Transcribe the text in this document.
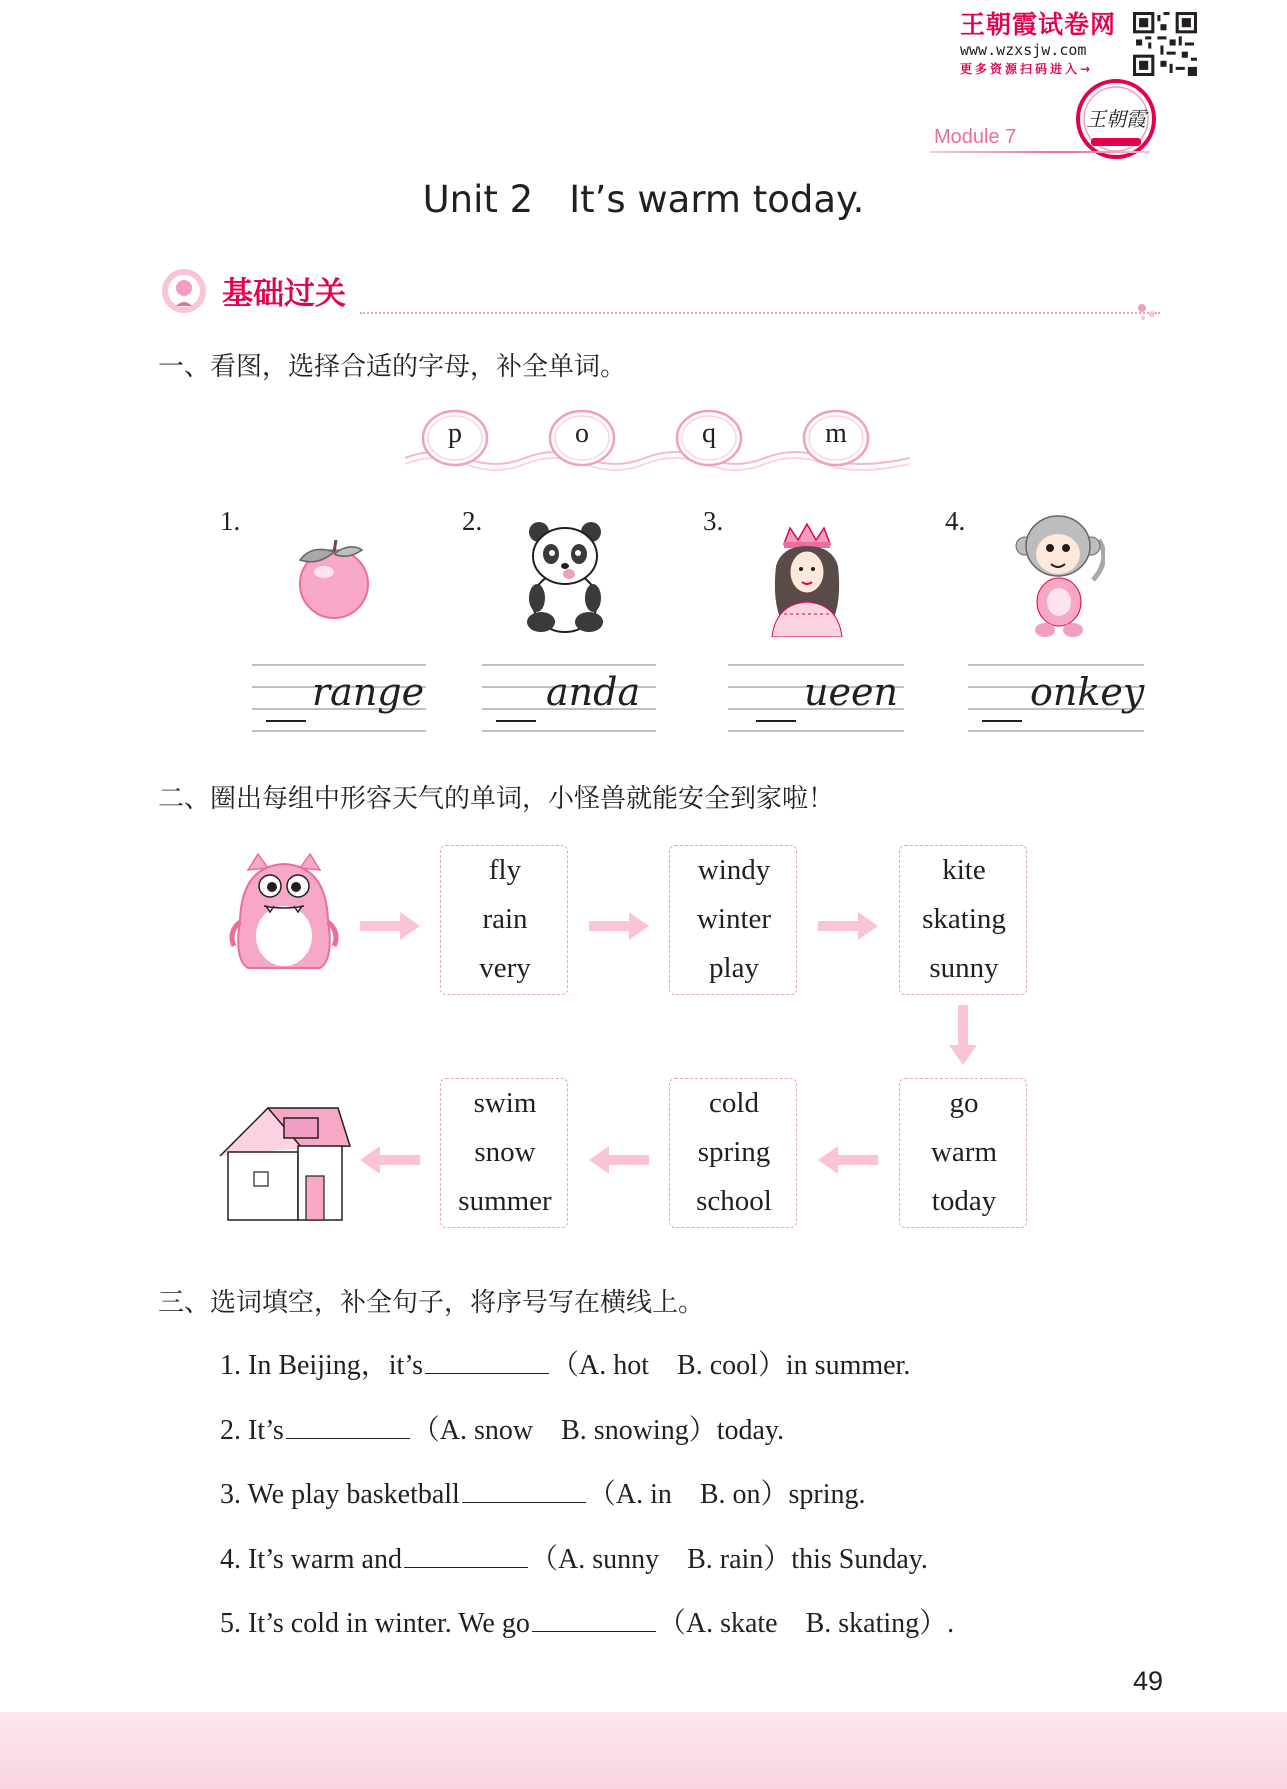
王朝霞试卷网
www.wzxsjw.com
更多资源扫码进入→
王朝霞
Module 7
Unit 2 It’s warm today.
基础过关
一、看图，选择合适的字母，补全单词。
p	o	q	m
1.	2.	3.	4.
range	anda	ueen	onkey
二、圈出每组中形容天气的单词，小怪兽就能安全到家啦！
fly
rain
very
windy
winter
play
kite
skating
sunny
swim
snow
summer
cold
spring
school
go
warm
today
三、选词填空，补全句子，将序号写在横线上。
1. In Beijing，it’s	（A. hot　B. cool）in summer.
2. It’s	（A. snow　B. snowing）today.
3. We play basketball	（A. in　B. on）spring.
4. It’s warm and	（A. sunny　B. rain）this Sunday.
5. It’s cold in winter. We go	（A. skate　B. skating）.
49
